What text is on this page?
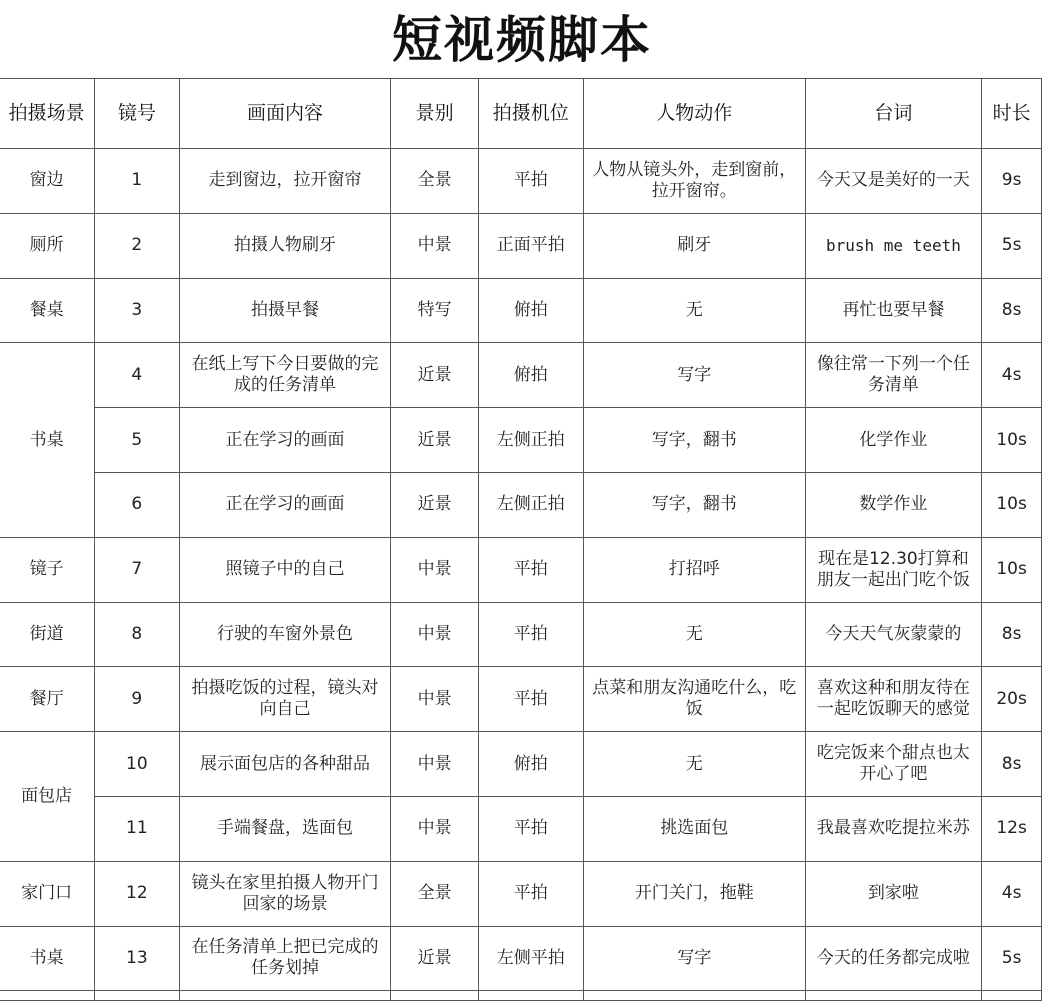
短视频脚本
拍摄场景	镜号	画面内容	景别	拍摄机位	人物动作	台词	时长
窗边	1	走到窗边，拉开窗帘	全景	平拍	人物从镜头外，走到窗前，拉开窗帘。	今天又是美好的一天	9s
厕所	2	拍摄人物刷牙	中景	正面平拍	刷牙	brush me teeth	5s
餐桌	3	拍摄早餐	特写	俯拍	无	再忙也要早餐	8s
书桌	4	在纸上写下今日要做的完成的任务清单	近景	俯拍	写字	像往常一下列一个任务清单	4s
	5	正在学习的画面	近景	左侧正拍	写字，翻书	化学作业	10s
	6	正在学习的画面	近景	左侧正拍	写字，翻书	数学作业	10s
镜子	7	照镜子中的自己	中景	平拍	打招呼	现在是12.30打算和朋友一起出门吃个饭	10s
街道	8	行驶的车窗外景色	中景	平拍	无	今天天气灰蒙蒙的	8s
餐厅	9	拍摄吃饭的过程，镜头对向自己	中景	平拍	点菜和朋友沟通吃什么，吃饭	喜欢这种和朋友待在一起吃饭聊天的感觉	20s
面包店	10	展示面包店的各种甜品	中景	俯拍	无	吃完饭来个甜点也太开心了吧	8s
	11	手端餐盘，选面包	中景	平拍	挑选面包	我最喜欢吃提拉米苏	12s
家门口	12	镜头在家里拍摄人物开门回家的场景	全景	平拍	开门关门，拖鞋	到家啦	4s
书桌	13	在任务清单上把已完成的任务划掉	近景	左侧平拍	写字	今天的任务都完成啦	5s
